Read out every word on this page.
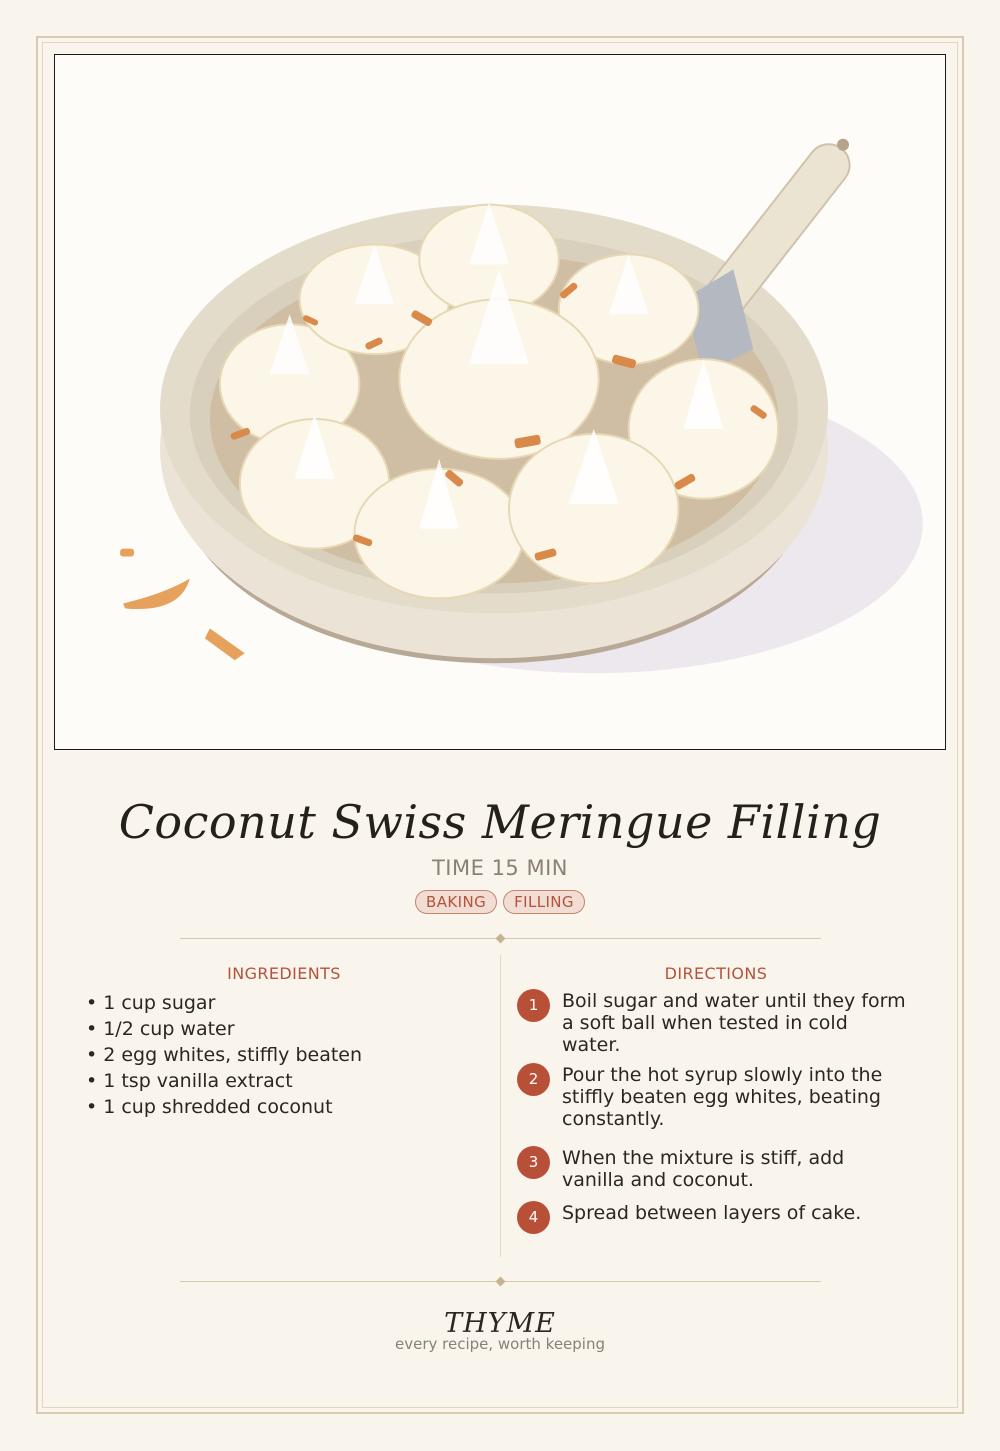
Coconut Swiss Meringue Filling
TIME 15 MIN
BAKING FILLING
INGREDIENTS
• 1 cup sugar
• 1/2 cup water
• 2 egg whites, stiffly beaten
• 1 tsp vanilla extract
• 1 cup shredded coconut
DIRECTIONS
1	Boil sugar and water until they form a soft ball when tested in cold water.
2	Pour the hot syrup slowly into the stiffly beaten egg whites, beating constantly.
3	When the mixture is stiff, add vanilla and coconut.
4	Spread between layers of cake.
THYME
every recipe, worth keeping
